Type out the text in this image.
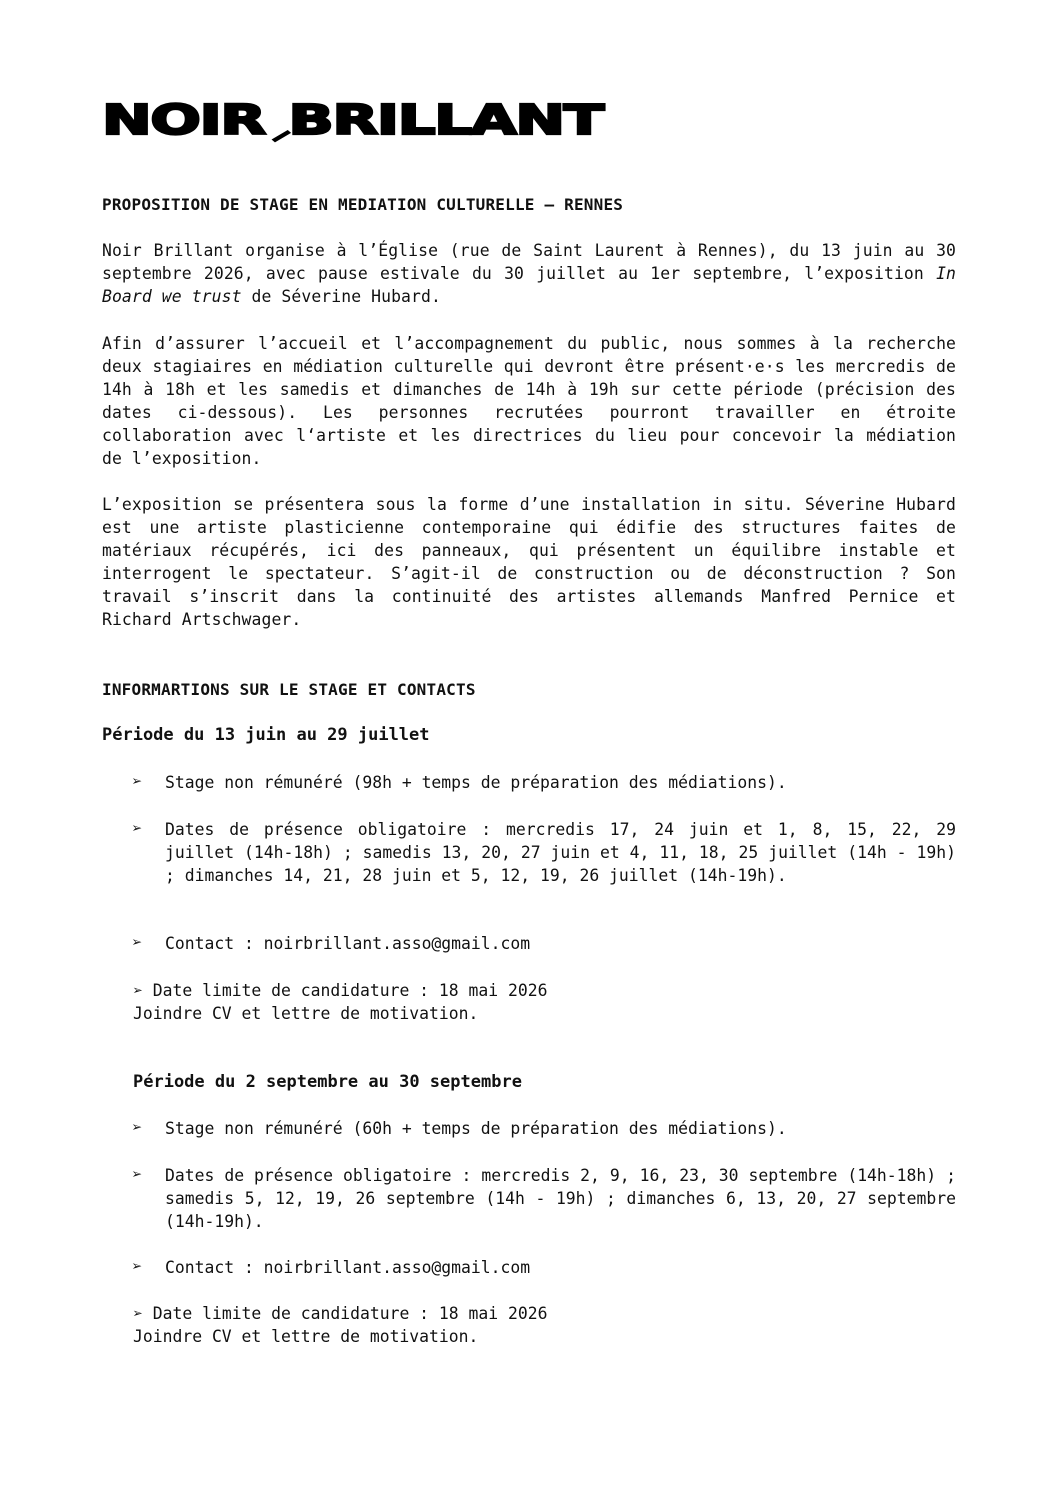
NOIR BRILLANT
PROPOSITION DE STAGE EN MEDIATION CULTURELLE – RENNES
Noir Brillant organise à l’Église (rue de Saint Laurent à Rennes), du 13 juin au 30 septembre 2026, avec pause estivale du 30 juillet au 1er septembre, l’exposition In Board we trust de Séverine Hubard.
Afin d’assurer l’accueil et l’accompagnement du public, nous sommes à la recherche deux stagiaires en médiation culturelle qui devront être présent·e·s les mercredis de 14h à 18h et les samedis et dimanches de 14h à 19h sur cette période (précision des dates ci-dessous). Les personnes recrutées pourront travailler en étroite collaboration avec l‘artiste et les directrices du lieu pour concevoir la médiation de l’exposition.
L’exposition se présentera sous la forme d’une installation in situ. Séverine Hubard est une artiste plasticienne contemporaine qui édifie des structures faites de matériaux récupérés, ici des panneaux, qui présentent un équilibre instable et interrogent le spectateur. S’agit-il de construction ou de déconstruction ? Son travail s’inscrit dans la continuité des artistes allemands Manfred Pernice et Richard Artschwager.
INFORMARTIONS SUR LE STAGE ET CONTACTS
Période du 13 juin au 29 juillet
➢	Stage non rémunéré (98h + temps de préparation des médiations).
➢	Dates de présence obligatoire : mercredis 17, 24 juin et 1, 8, 15, 22, 29 juillet (14h-18h) ; samedis 13, 20, 27 juin et 4, 11, 18, 25 juillet (14h - 19h) ; dimanches 14, 21, 28 juin et 5, 12, 19, 26 juillet (14h-19h).
➢	Contact : noirbrillant.asso@gmail.com
➢ Date limite de candidature : 18 mai 2026
Joindre CV et lettre de motivation.
Période du 2 septembre au 30 septembre
➢	Stage non rémunéré (60h + temps de préparation des médiations).
➢	Dates de présence obligatoire : mercredis 2, 9, 16, 23, 30 septembre (14h-18h) ; samedis 5, 12, 19, 26 septembre (14h - 19h) ; dimanches 6, 13, 20, 27 septembre (14h-19h).
➢	Contact : noirbrillant.asso@gmail.com
➢ Date limite de candidature : 18 mai 2026
Joindre CV et lettre de motivation.
